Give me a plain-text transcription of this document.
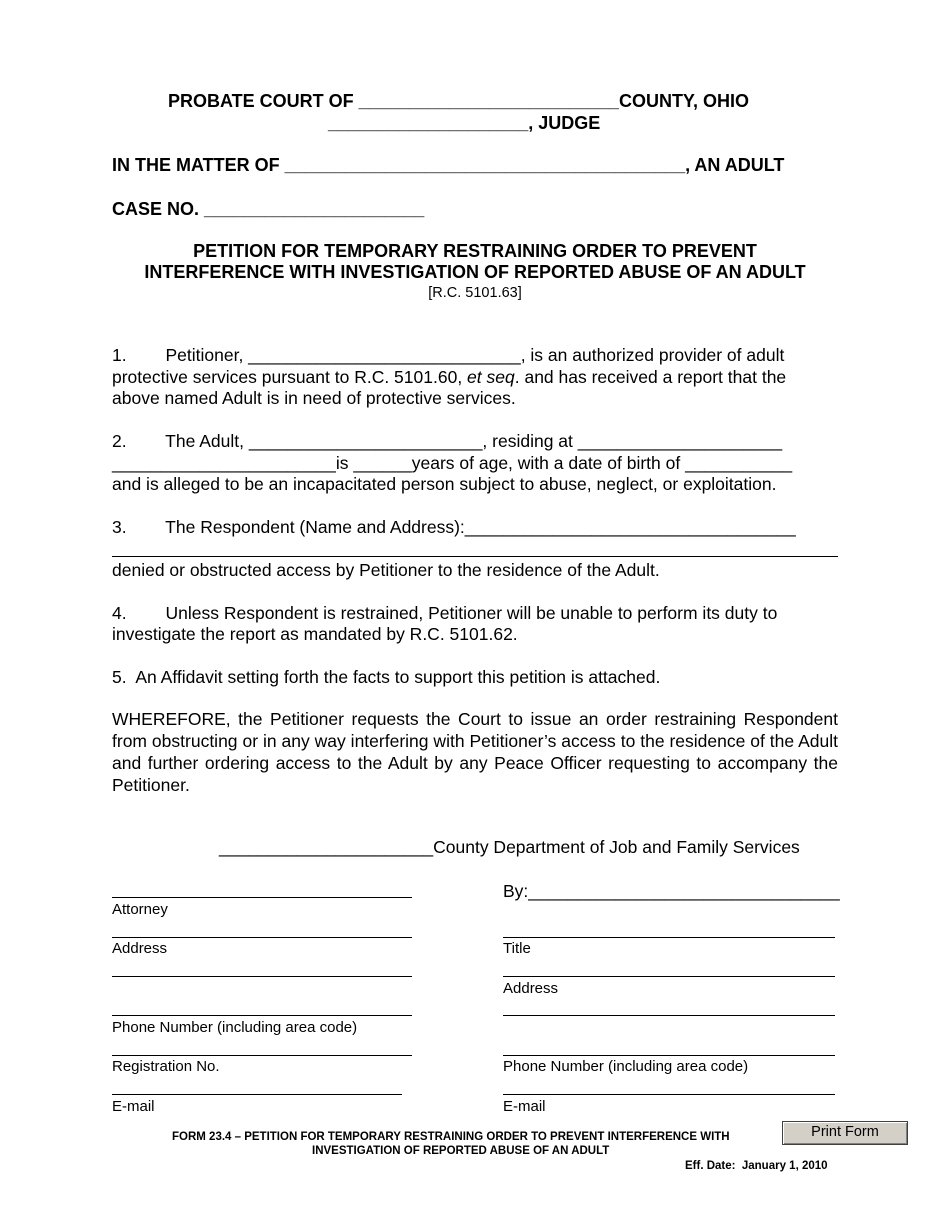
PROBATE COURT OF __________________________COUNTY, OHIO
____________________, JUDGE
IN THE MATTER OF ________________________________________, AN ADULT
CASE NO. ______________________
PETITION FOR TEMPORARY RESTRAINING ORDER TO PREVENT
INTERFERENCE WITH INVESTIGATION OF REPORTED ABUSE OF AN ADULT
[R.C. 5101.63]
1.        Petitioner, ____________________________, is an authorized provider of adult
protective services pursuant to R.C. 5101.60, et seq. and has received a report that the
above named Adult is in need of protective services.
2.        The Adult, ________________________, residing at _____________________
_______________________is ______years of age, with a date of birth of ___________
and is alleged to be an incapacitated person subject to abuse, neglect, or exploitation.
3.        The Respondent (Name and Address):__________________________________
denied or obstructed access by Petitioner to the residence of the Adult.
4.        Unless Respondent is restrained, Petitioner will be unable to perform its duty to
investigate the report as mandated by R.C. 5101.62.
5.  An Affidavit setting forth the facts to support this petition is attached.
WHEREFORE, the Petitioner requests the Court to issue an order restraining Respondent from obstructing or in any way interfering with Petitioner’s access to the residence of the Adult and further ordering access to the Adult by any Peace Officer requesting to accompany the Petitioner.
______________________County Department of Job and Family Services
By:________________________________
Attorney
Address
Phone Number (including area code)
Registration No.
E-mail
Title
Address
Phone Number (including area code)
E-mail
Print Form
FORM 23.4 – PETITION FOR TEMPORARY RESTRAINING ORDER TO PREVENT INTERFERENCE WITH
INVESTIGATION OF REPORTED ABUSE OF AN ADULT
Eff. Date:  January 1, 2010
